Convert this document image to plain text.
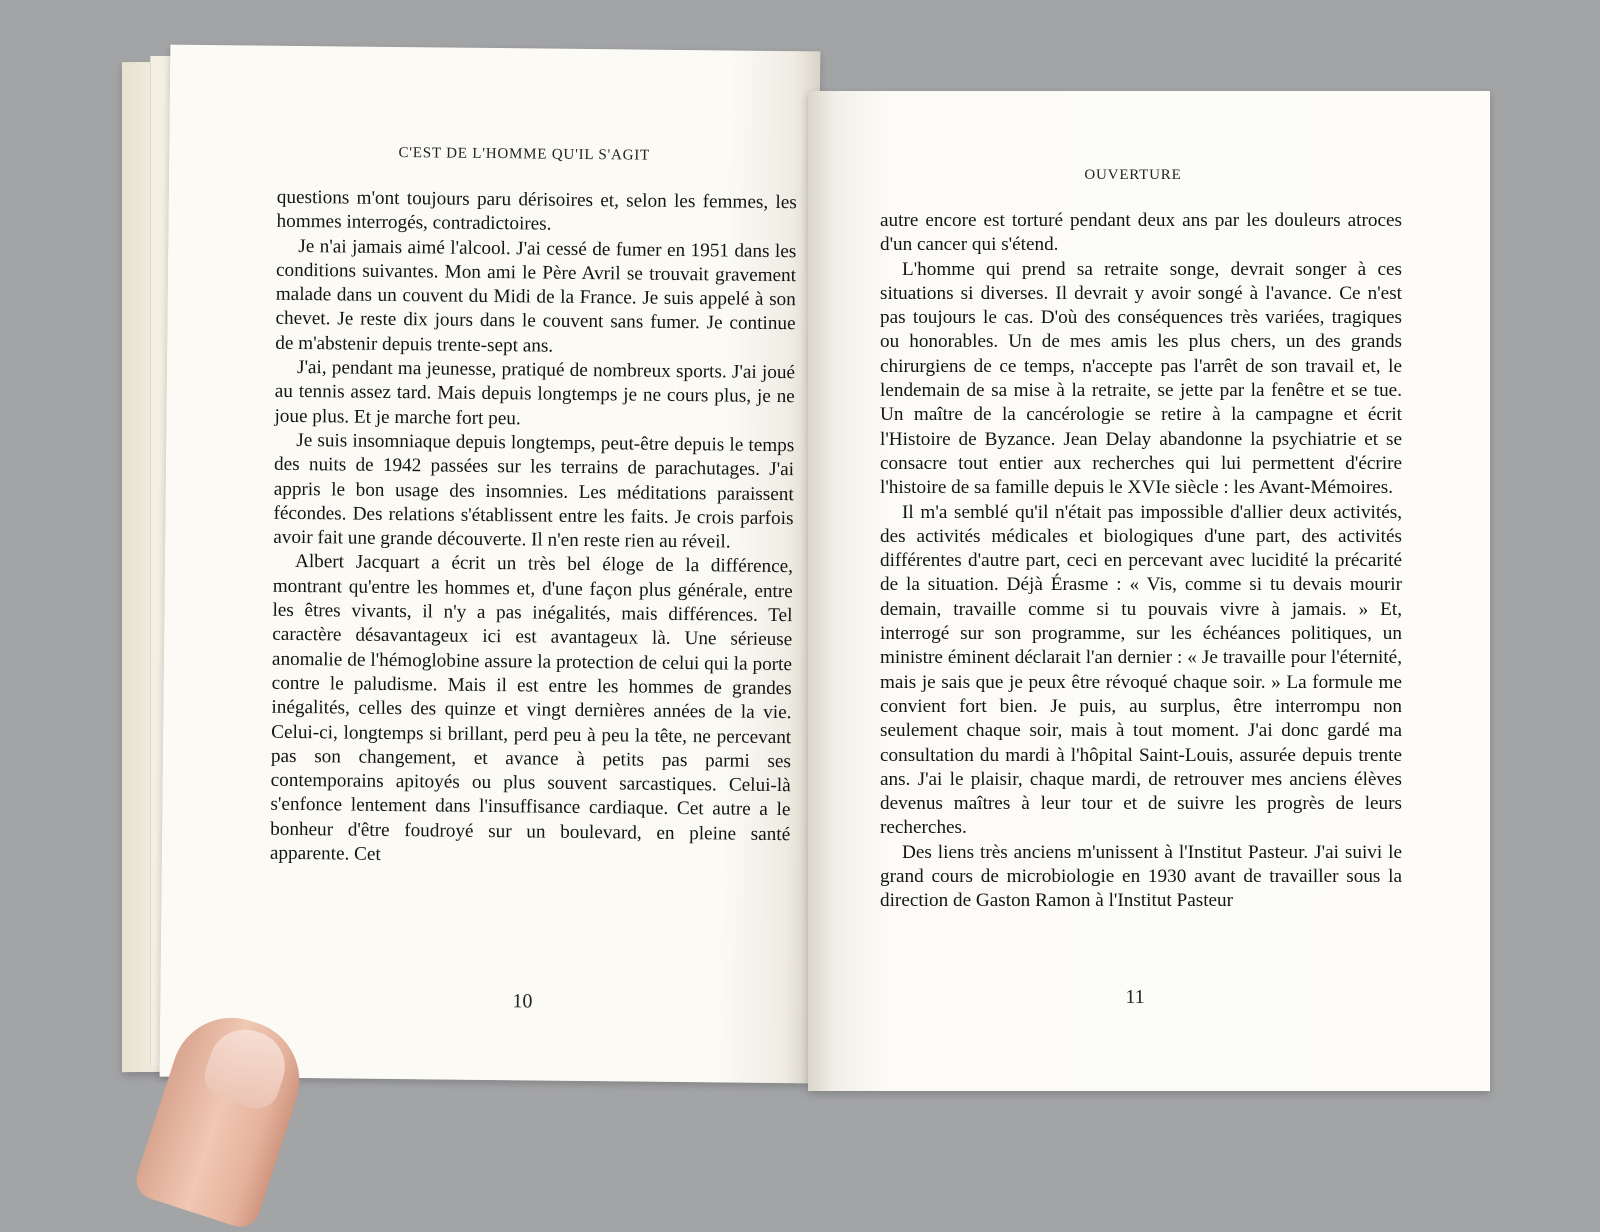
C'EST DE L'HOMME QU'IL S'AGIT

questions m'ont toujours paru dérisoires et, selon les femmes, les hommes interrogés, contradictoires.

Je n'ai jamais aimé l'alcool. J'ai cessé de fumer en 1951 dans les conditions suivantes. Mon ami le Père Avril se trouvait gravement malade dans un couvent du Midi de la France. Je suis appelé à son chevet. Je reste dix jours dans le couvent sans fumer. Je continue de m'abstenir depuis trente-sept ans.

J'ai, pendant ma jeunesse, pratiqué de nombreux sports. J'ai joué au tennis assez tard. Mais depuis longtemps je ne cours plus, je ne joue plus. Et je marche fort peu.

Je suis insomniaque depuis longtemps, peut-être depuis le temps des nuits de 1942 passées sur les terrains de parachutages. J'ai appris le bon usage des insomnies. Les méditations paraissent fécondes. Des relations s'établissent entre les faits. Je crois parfois avoir fait une grande découverte. Il n'en reste rien au réveil.

Albert Jacquart a écrit un très bel éloge de la différence, montrant qu'entre les hommes et, d'une façon plus générale, entre les êtres vivants, il n'y a pas inégalités, mais différences. Tel caractère désavantageux ici est avantageux là. Une sérieuse anomalie de l'hémoglobine assure la protection de celui qui la porte contre le paludisme. Mais il est entre les hommes de grandes inégalités, celles des quinze et vingt dernières années de la vie. Celui-ci, longtemps si brillant, perd peu à peu la tête, ne percevant pas son changement, et avance à petits pas parmi ses contemporains apitoyés ou plus souvent sarcastiques. Celui-là s'enfonce lentement dans l'insuffisance cardiaque. Cet autre a le bonheur d'être foudroyé sur un boulevard, en pleine santé apparente. Cet

10
OUVERTURE

autre encore est torturé pendant deux ans par les douleurs atroces d'un cancer qui s'étend.

L'homme qui prend sa retraite songe, devrait songer à ces situations si diverses. Il devrait y avoir songé à l'avance. Ce n'est pas toujours le cas. D'où des conséquences très variées, tragiques ou honorables. Un de mes amis les plus chers, un des grands chirurgiens de ce temps, n'accepte pas l'arrêt de son travail et, le lendemain de sa mise à la retraite, se jette par la fenêtre et se tue. Un maître de la cancérologie se retire à la campagne et écrit l'Histoire de Byzance. Jean Delay abandonne la psychiatrie et se consacre tout entier aux recherches qui lui permettent d'écrire l'histoire de sa famille depuis le XVIe siècle : les Avant-Mémoires.

Il m'a semblé qu'il n'était pas impossible d'allier deux activités, des activités médicales et biologiques d'une part, des activités différentes d'autre part, ceci en percevant avec lucidité la précarité de la situation. Déjà Érasme : « Vis, comme si tu devais mourir demain, travaille comme si tu pouvais vivre à jamais. » Et, interrogé sur son programme, sur les échéances politiques, un ministre éminent déclarait l'an dernier : « Je travaille pour l'éternité, mais je sais que je peux être révoqué chaque soir. » La formule me convient fort bien. Je puis, au surplus, être interrompu non seulement chaque soir, mais à tout moment. J'ai donc gardé ma consultation du mardi à l'hôpital Saint-Louis, assurée depuis trente ans. J'ai le plaisir, chaque mardi, de retrouver mes anciens élèves devenus maîtres à leur tour et de suivre les progrès de leurs recherches.

Des liens très anciens m'unissent à l'Institut Pasteur. J'ai suivi le grand cours de microbiologie en 1930 avant de travailler sous la direction de Gaston Ramon à l'Institut Pasteur

11
